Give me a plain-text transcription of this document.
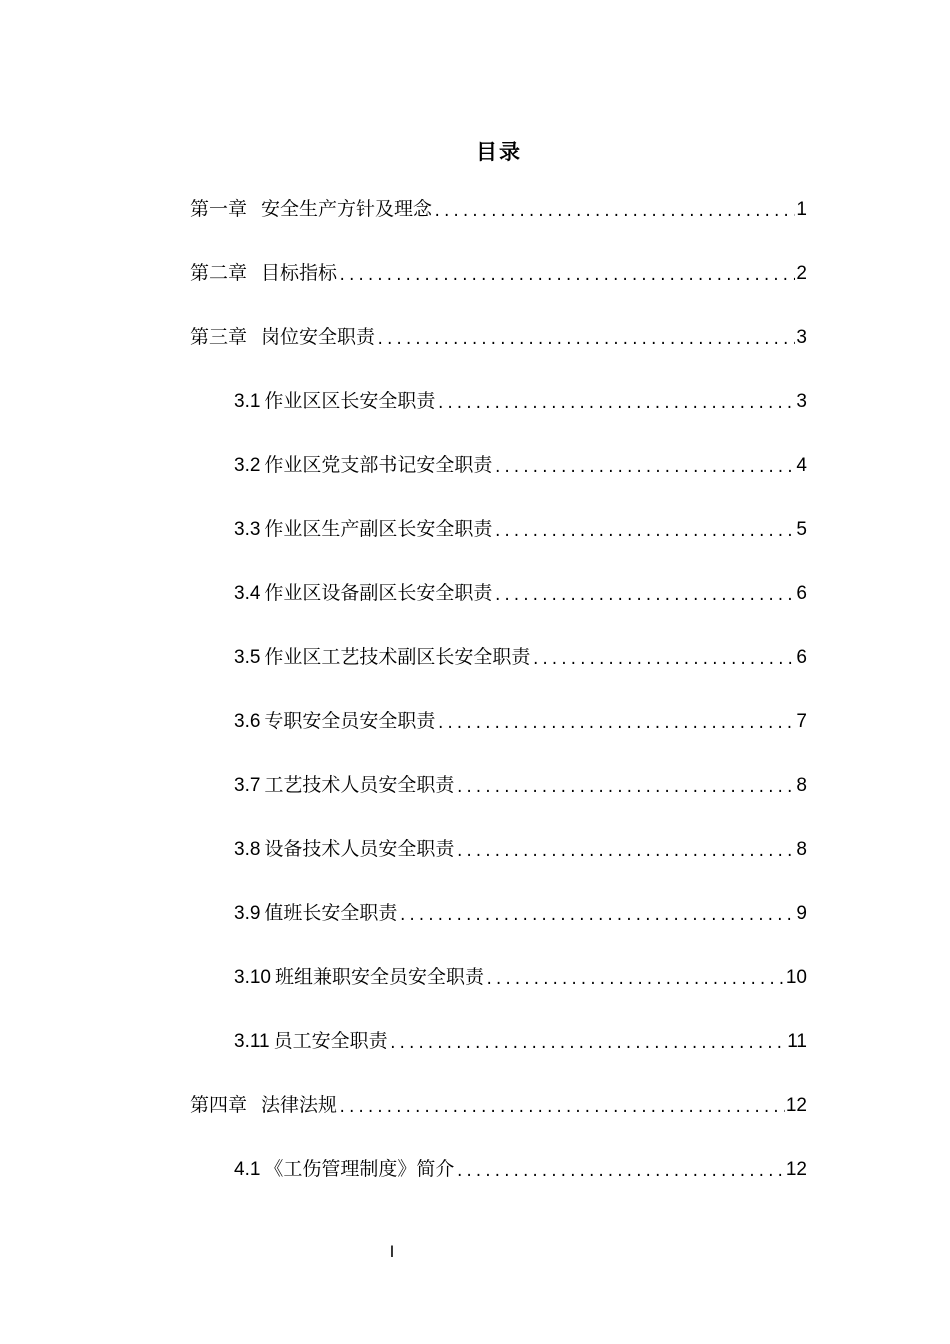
目录
第一章 安全生产方针及理念 .....	1
第二章 目标指标 .....	2
第三章 岗位安全职责 .....	3
3.1 作业区区长安全职责 .....	3
3.2 作业区党支部书记安全职责 .....	4
3.3 作业区生产副区长安全职责 .....	5
3.4 作业区设备副区长安全职责 .....	6
3.5 作业区工艺技术副区长安全职责 .....	6
3.6 专职安全员安全职责 .....	7
3.7 工艺技术人员安全职责 .....	8
3.8 设备技术人员安全职责 .....	8
3.9 值班长安全职责 .....	9
3.10 班组兼职安全员安全职责 .....	10
3.11 员工安全职责 .....	11
第四章 法律法规 .....	12
4.1 《工伤管理制度》简介 .....	12
I
